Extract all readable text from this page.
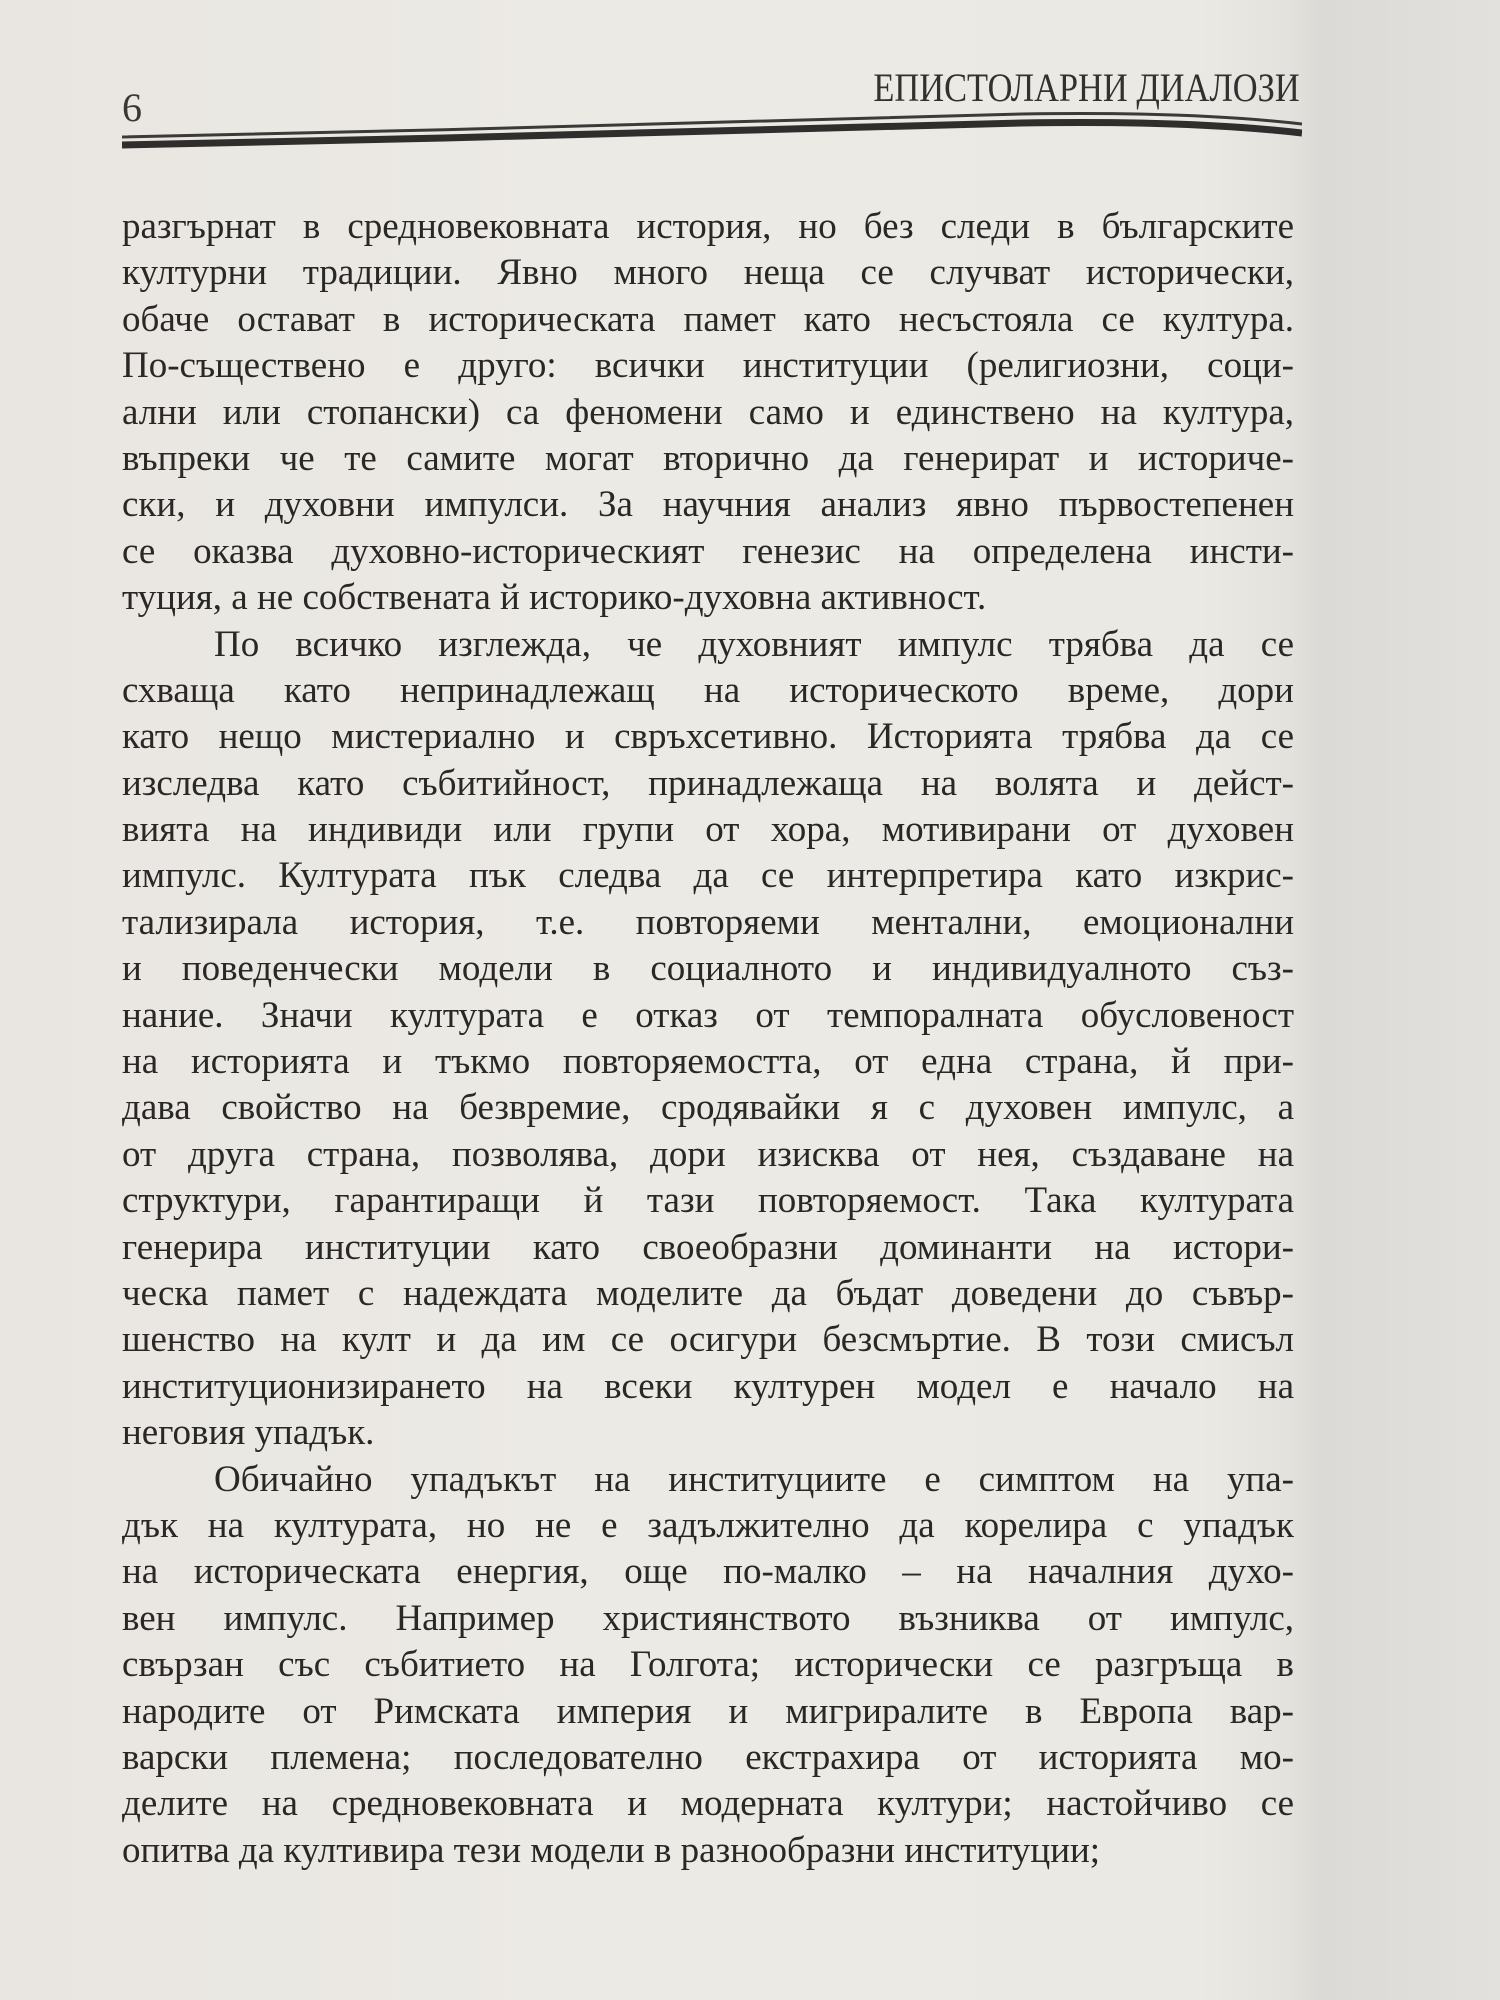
6	ЕПИСТОЛАРНИ ДИАЛОЗИ
разгърнат в средновековната история, но без следи в българските
културни традиции. Явно много неща се случват исторически,
обаче остават в историческата памет като несъстояла се култура.
По-съществено е друго: всички институции (религиозни, соци-
ални или стопански) са феномени само и единствено на култура,
въпреки че те самите могат вторично да генерират и историче-
ски, и духовни импулси. За научния анализ явно първостепенен
се оказва духовно-историческият генезис на определена инсти-
туция, а не собствената й историко-духовна активност.
По всичко изглежда, че духовният импулс трябва да се
схваща като непринадлежащ на историческото време, дори
като нещо мистериално и свръхсетивно. Историята трябва да се
изследва като събитийност, принадлежаща на волята и дейст-
вията на индивиди или групи от хора, мотивирани от духовен
импулс. Културата пък следва да се интерпретира като изкрис-
тализирала история, т.е. повторяеми ментални, емоционални
и поведенчески модели в социалното и индивидуалното съз-
нание. Значи културата е отказ от темпоралната обусловеност
на историята и тъкмо повторяемостта, от една страна, й при-
дава свойство на безвремие, сродявайки я с духовен импулс, а
от друга страна, позволява, дори изисква от нея, създаване на
структури, гарантиращи й тази повторяемост. Така културата
генерира институции като своеобразни доминанти на истори-
ческа памет с надеждата моделите да бъдат доведени до съвър-
шенство на култ и да им се осигури безсмъртие. В този смисъл
институционизирането на всеки културен модел е начало на
неговия упадък.
Обичайно упадъкът на институциите е симптом на упа-
дък на културата, но не е задължително да корелира с упадък
на историческата енергия, още по-малко – на началния духо-
вен импулс. Например християнството възниква от импулс,
свързан със събитието на Голгота; исторически се разгръща в
народите от Римската империя и мигриралите в Европа вар-
варски племена; последователно екстрахира от историята мо-
делите на средновековната и модерната култури; настойчиво се
опитва да култивира тези модели в разнообразни институции;
